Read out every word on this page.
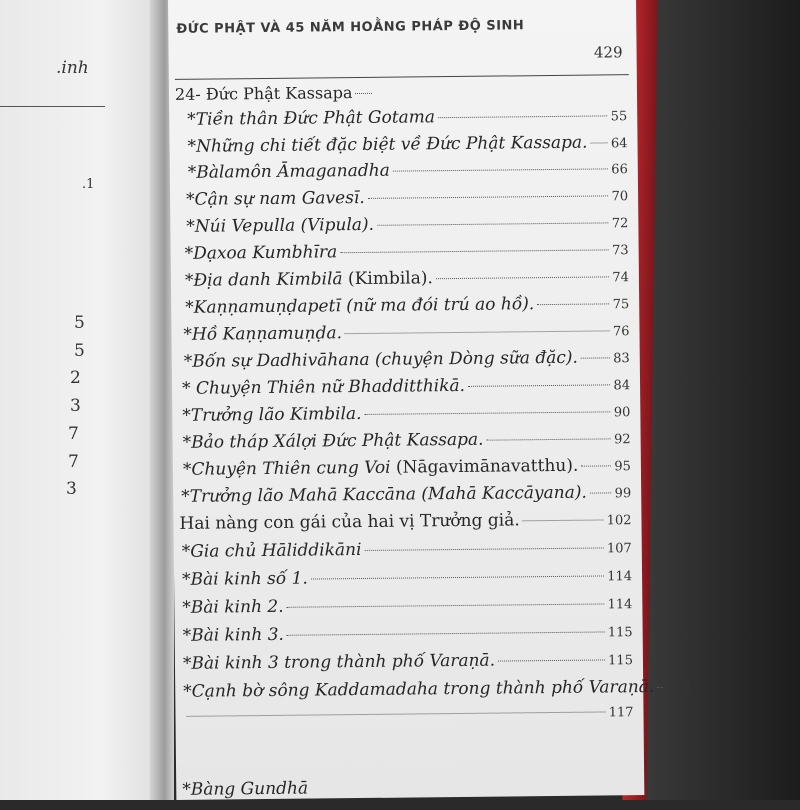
.inh
.1
5
5
2
3
7
7
3
ĐỨC PHẬT VÀ 45 NĂM HOẰNG PHÁP ĐỘ SINH
429
24- Đức Phật Kassapa
*Tiền thân Đức Phật Gotama	55
*Những chi tiết đặc biệt về Đức Phật Kassapa. 64
*Bàlamôn Āmaganadha	66
*Cận sự nam Gavesī.	70
*Núi Vepulla (Vipula).	72
*Dạxoa Kumbhīra	73
*Địa danh Kimbilā (Kimbila).	74
*Kaṇṇamuṇḍapetī (nữ ma đói trú ao hồ).	75
*Hồ Kaṇṇamuṇḍa.	76
*Bốn sự Dadhivāhana (chuyện Dòng sữa đặc).	83
* Chuyện Thiên nữ Bhadditthikā.	84
*Trưởng lão Kimbila.	90
*Bảo tháp Xálợi Đức Phật Kassapa.	92
*Chuyện Thiên cung Voi (Nāgavimānavatthu).	95
*Trưởng lão Mahā Kaccāna (Mahā Kaccāyana). 99
Hai nàng con gái của hai vị Trưởng giả.	102
*Gia chủ Hāliddikāni	107
*Bài kinh số 1.	114
*Bài kinh 2.	114
*Bài kinh 3.	115
*Bài kinh 3 trong thành phố Varaṇā.	115
*Cạnh bờ sông Kaddamadaha trong thành phố Varaṇā. 116
117
*Bàng Gundhā
